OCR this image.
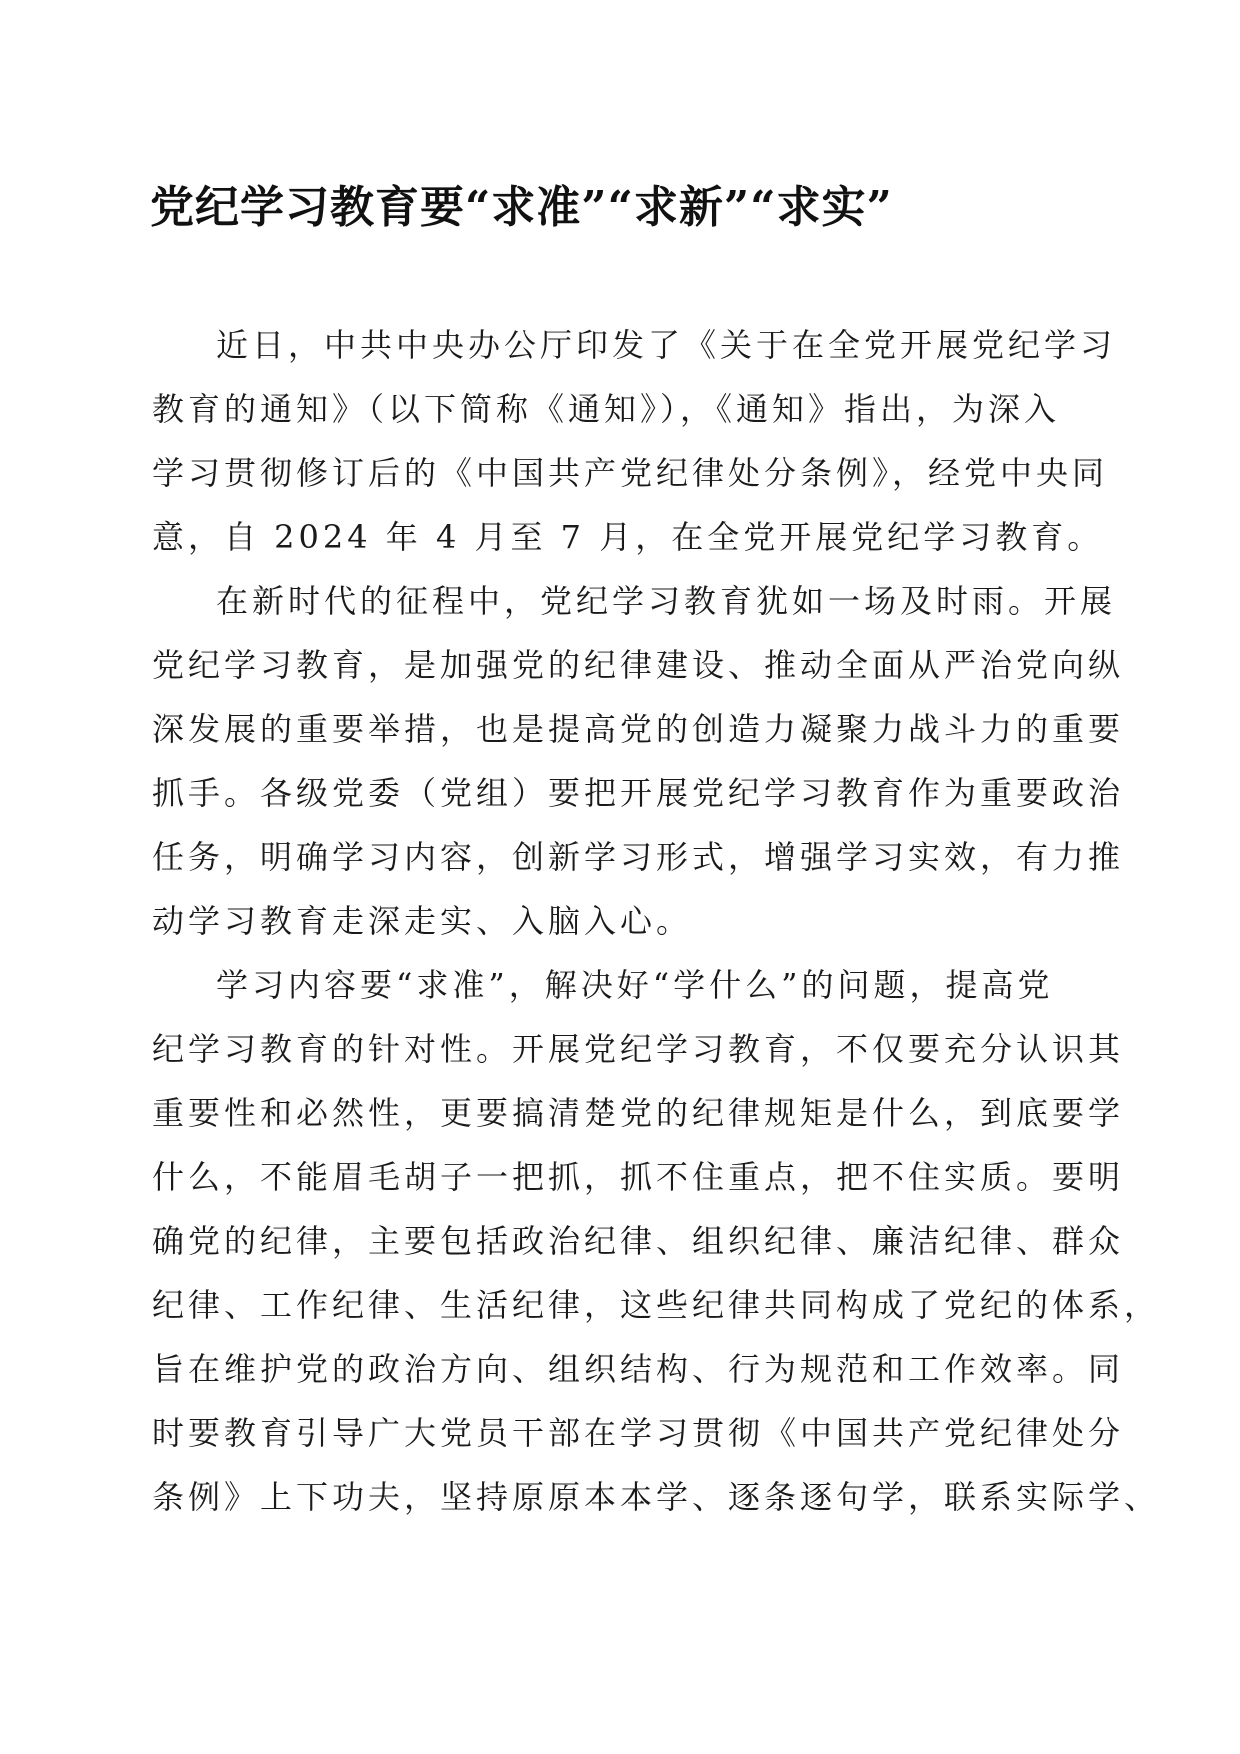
党纪学习教育要“求准”“求新”“求实”

近日，中共中央办公厅印发了《关于在全党开展党纪学习
教育的通知》（以下简称《通知》），《通知》指出，为深入
学习贯彻修订后的《中国共产党纪律处分条例》，经党中央同
意，自 2024 年 4 月至 7 月，在全党开展党纪学习教育。

在新时代的征程中，党纪学习教育犹如一场及时雨。开展
党纪学习教育，是加强党的纪律建设、推动全面从严治党向纵
深发展的重要举措，也是提高党的创造力凝聚力战斗力的重要
抓手。各级党委（党组）要把开展党纪学习教育作为重要政治
任务，明确学习内容，创新学习形式，增强学习实效，有力推
动学习教育走深走实、入脑入心。

学习内容要“求准”，解决好“学什么”的问题，提高党
纪学习教育的针对性。开展党纪学习教育，不仅要充分认识其
重要性和必然性，更要搞清楚党的纪律规矩是什么，到底要学
什么，不能眉毛胡子一把抓，抓不住重点，把不住实质。要明
确党的纪律，主要包括政治纪律、组织纪律、廉洁纪律、群众
纪律、工作纪律、生活纪律，这些纪律共同构成了党纪的体系，
旨在维护党的政治方向、组织结构、行为规范和工作效率。同
时要教育引导广大党员干部在学习贯彻《中国共产党纪律处分
条例》上下功夫，坚持原原本本学、逐条逐句学，联系实际学、
